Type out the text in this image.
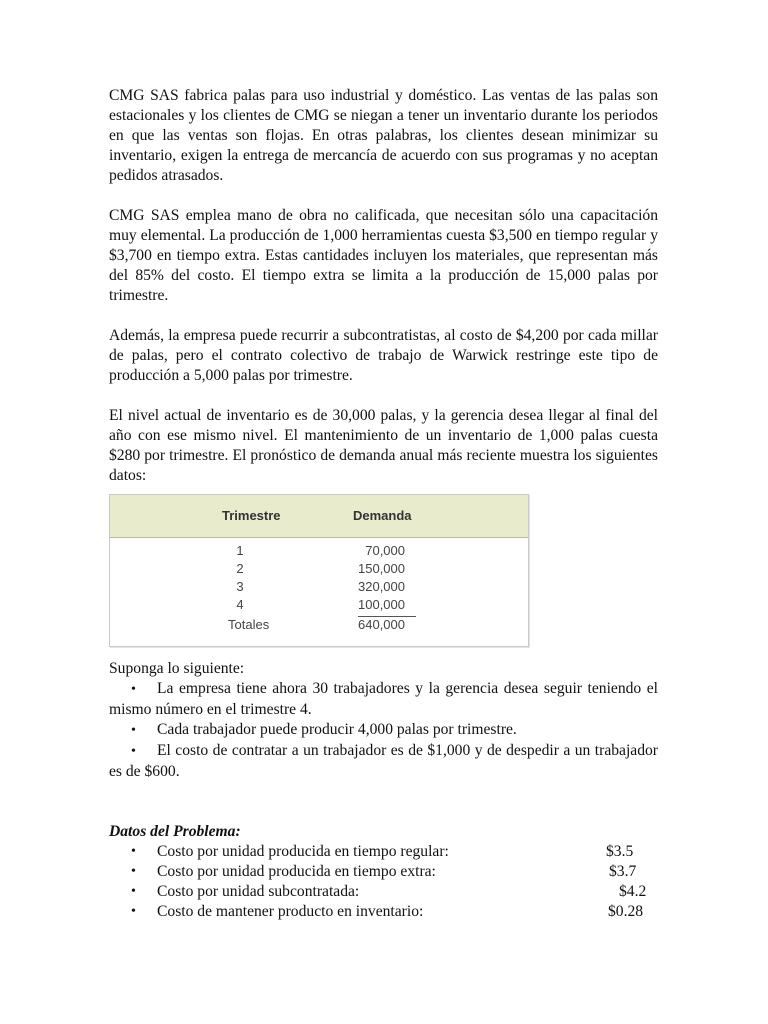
CMG SAS fabrica palas para uso industrial y doméstico. Las ventas de las palas son estacionales y los clientes de CMG se niegan a tener un inventario durante los periodos en que las ventas son flojas. En otras palabras, los clientes desean minimizar su inventario, exigen la entrega de mercancía de acuerdo con sus programas y no aceptan pedidos atrasados.

CMG SAS emplea mano de obra no calificada, que necesitan sólo una capacitación muy elemental. La producción de 1,000 herramientas cuesta $3,500 en tiempo regular y $3,700 en tiempo extra. Estas cantidades incluyen los materiales, que representan más del 85% del costo. El tiempo extra se limita a la producción de 15,000 palas por trimestre.

Además, la empresa puede recurrir a subcontratistas, al costo de $4,200 por cada millar de palas, pero el contrato colectivo de trabajo de Warwick restringe este tipo de producción a 5,000 palas por trimestre.

El nivel actual de inventario es de 30,000 palas, y la gerencia desea llegar al final del año con ese mismo nivel. El mantenimiento de un inventario de 1,000 palas cuesta $280 por trimestre. El pronóstico de demanda anual más reciente muestra los siguientes datos:

Trimestre	Demanda
1	70,000
2	150,000
3	320,000
4	100,000
Totales	640,000

Suponga lo siguiente:

• La empresa tiene ahora 30 trabajadores y la gerencia desea seguir teniendo el mismo número en el trimestre 4.
• Cada trabajador puede producir 4,000 palas por trimestre.
• El costo de contratar a un trabajador es de $1,000 y de despedir a un trabajador es de $600.

Datos del Problema:

•	Costo por unidad producida en tiempo regular:	$3.5
•	Costo por unidad producida en tiempo extra:	$3.7
•	Costo por unidad subcontratada:	$4.2
•	Costo de mantener producto en inventario:	$0.28
